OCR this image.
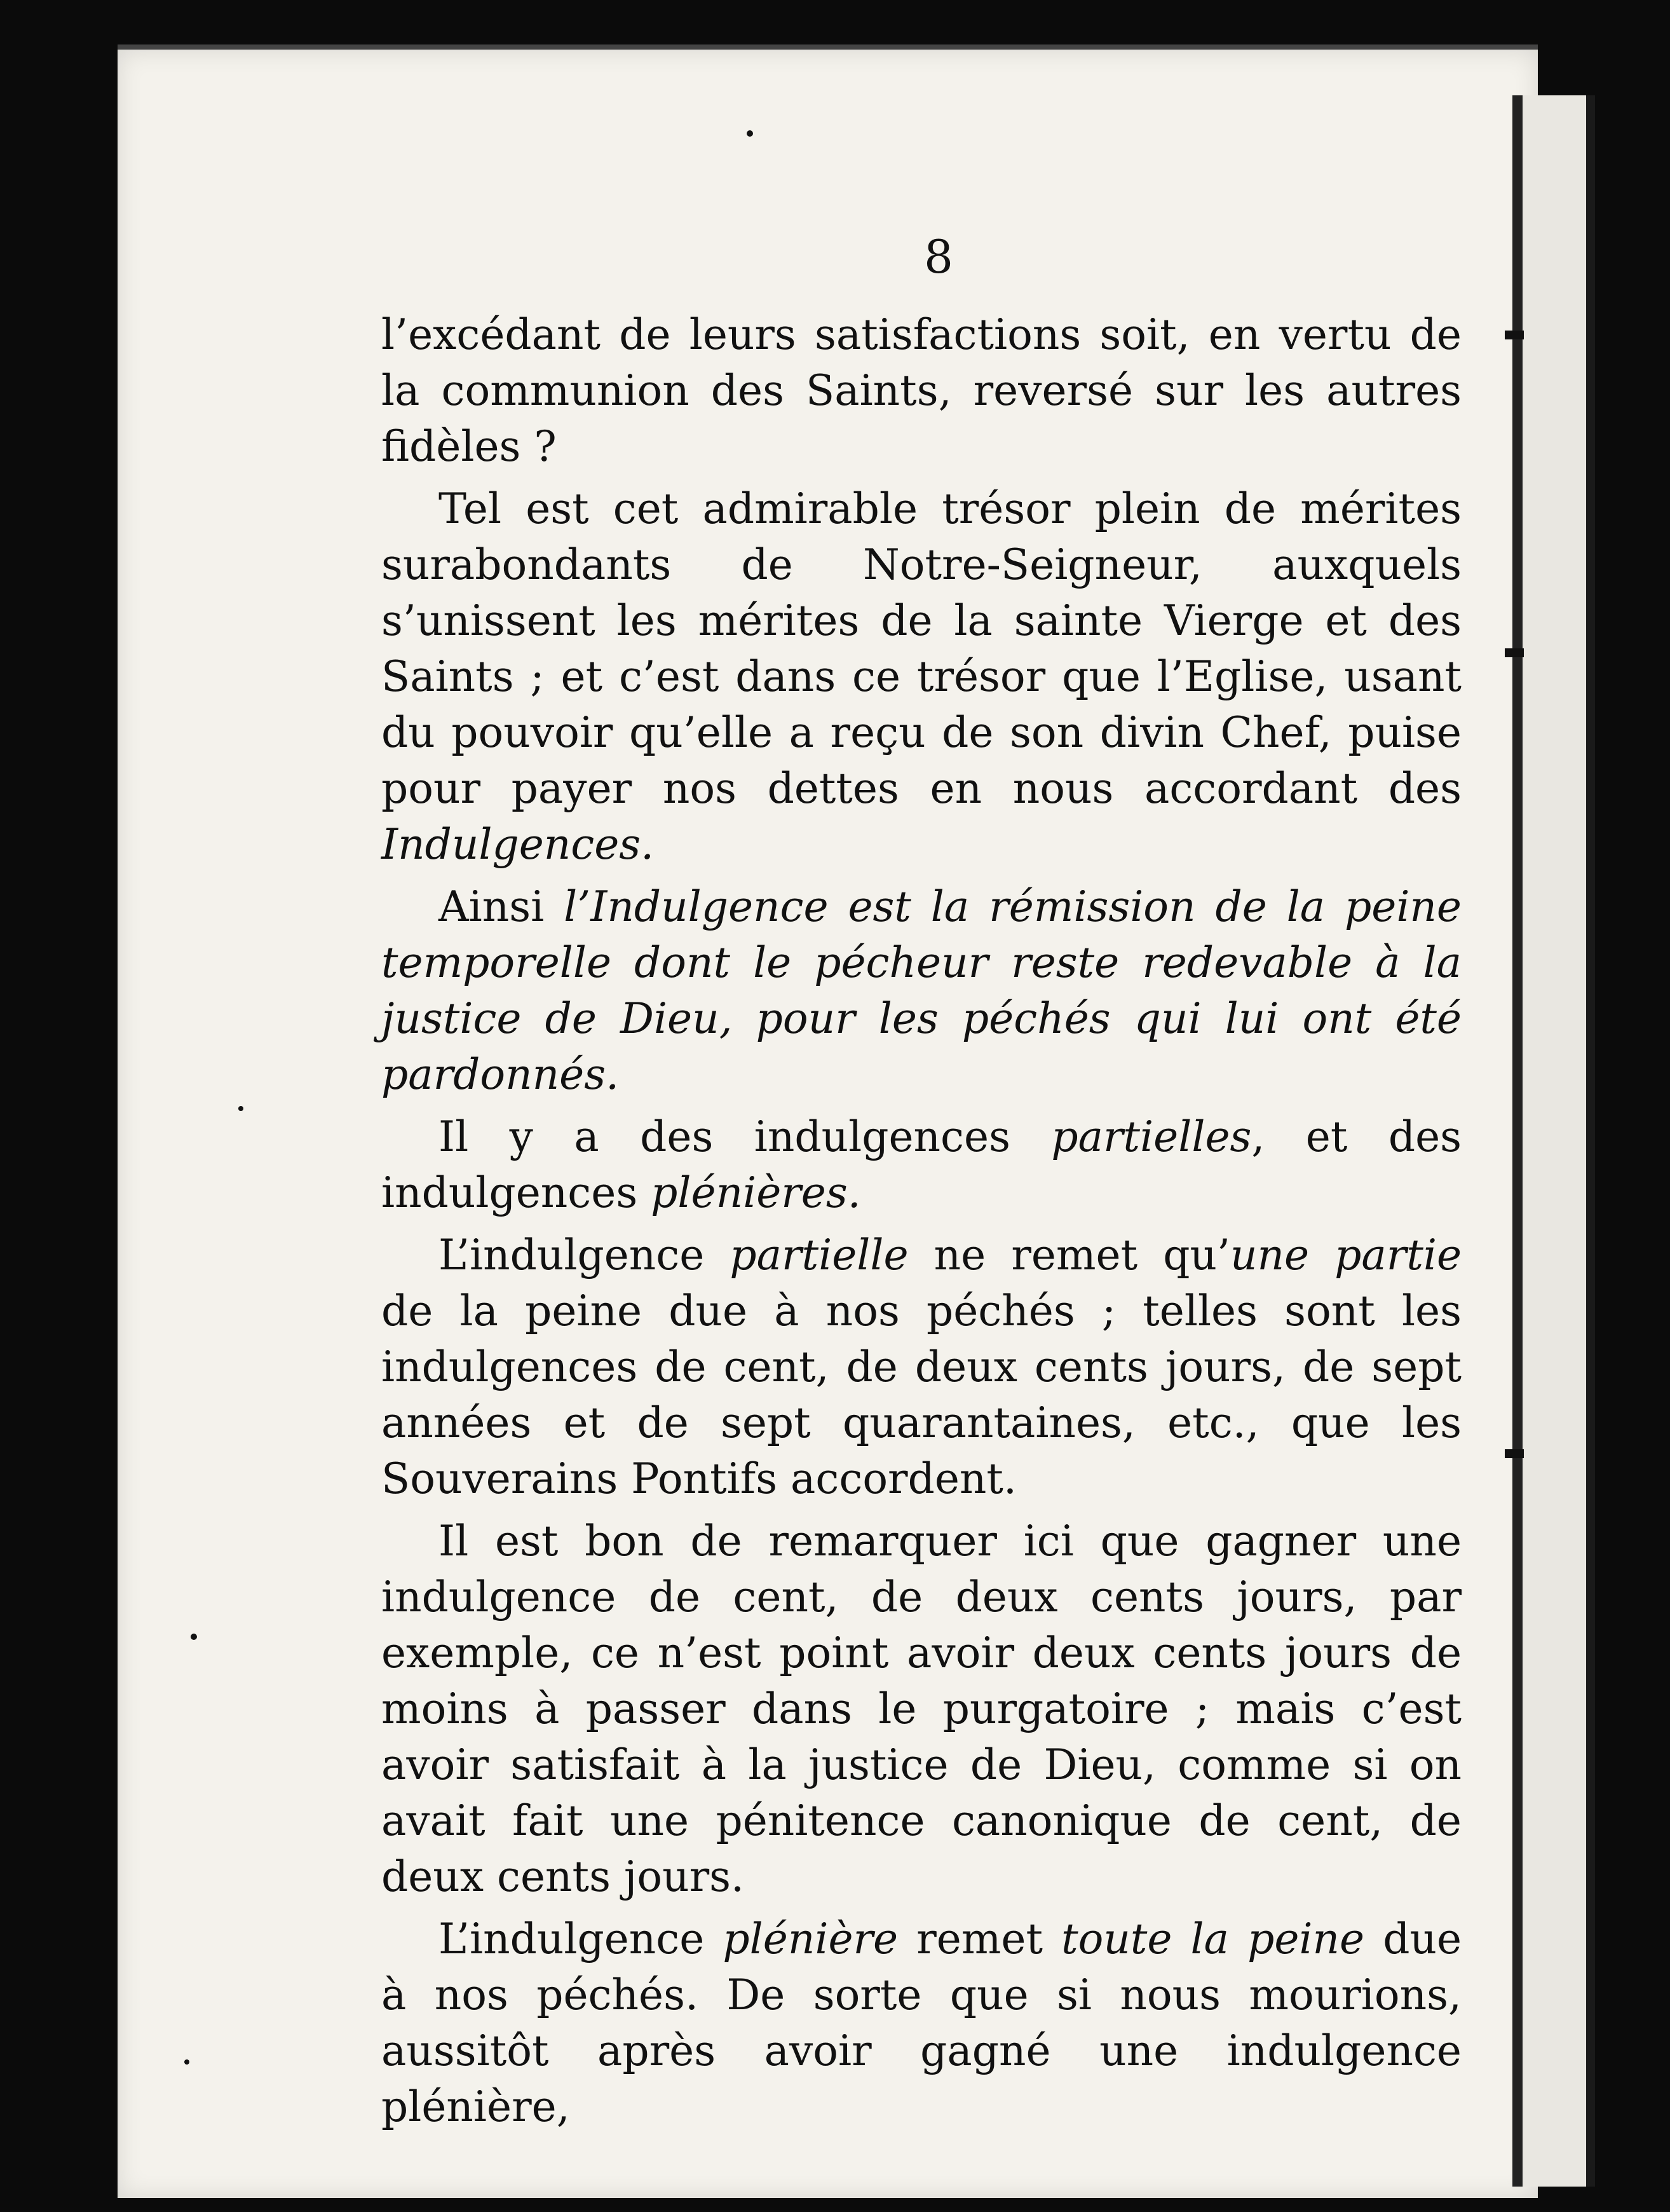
8

l’excédant de leurs satisfactions soit, en vertu de la communion des Saints, reversé sur les autres fidèles ?

Tel est cet admirable trésor plein de mérites surabondants de Notre-Seigneur, auxquels s’unissent les mérites de la sainte Vierge et des Saints ; et c’est dans ce trésor que l’Eglise, usant du pouvoir qu’elle a reçu de son divin Chef, puise pour payer nos dettes en nous accordant des Indulgences.

Ainsi l’Indulgence est la rémission de la peine temporelle dont le pécheur reste redevable à la justice de Dieu, pour les péchés qui lui ont été pardonnés.

Il y a des indulgences partielles, et des indulgences plénières.

L’indulgence partielle ne remet qu’une partie de la peine due à nos péchés ; telles sont les indulgences de cent, de deux cents jours, de sept années et de sept quarantaines, etc., que les Souverains Pontifs accordent.

Il est bon de remarquer ici que gagner une indulgence de cent, de deux cents jours, par exemple, ce n’est point avoir deux cents jours de moins à passer dans le purgatoire ; mais c’est avoir satisfait à la justice de Dieu, comme si on avait fait une pénitence canonique de cent, de deux cents jours.

L’indulgence plénière remet toute la peine due à nos péchés. De sorte que si nous mourions, aussitôt après avoir gagné une indulgence plénière,
